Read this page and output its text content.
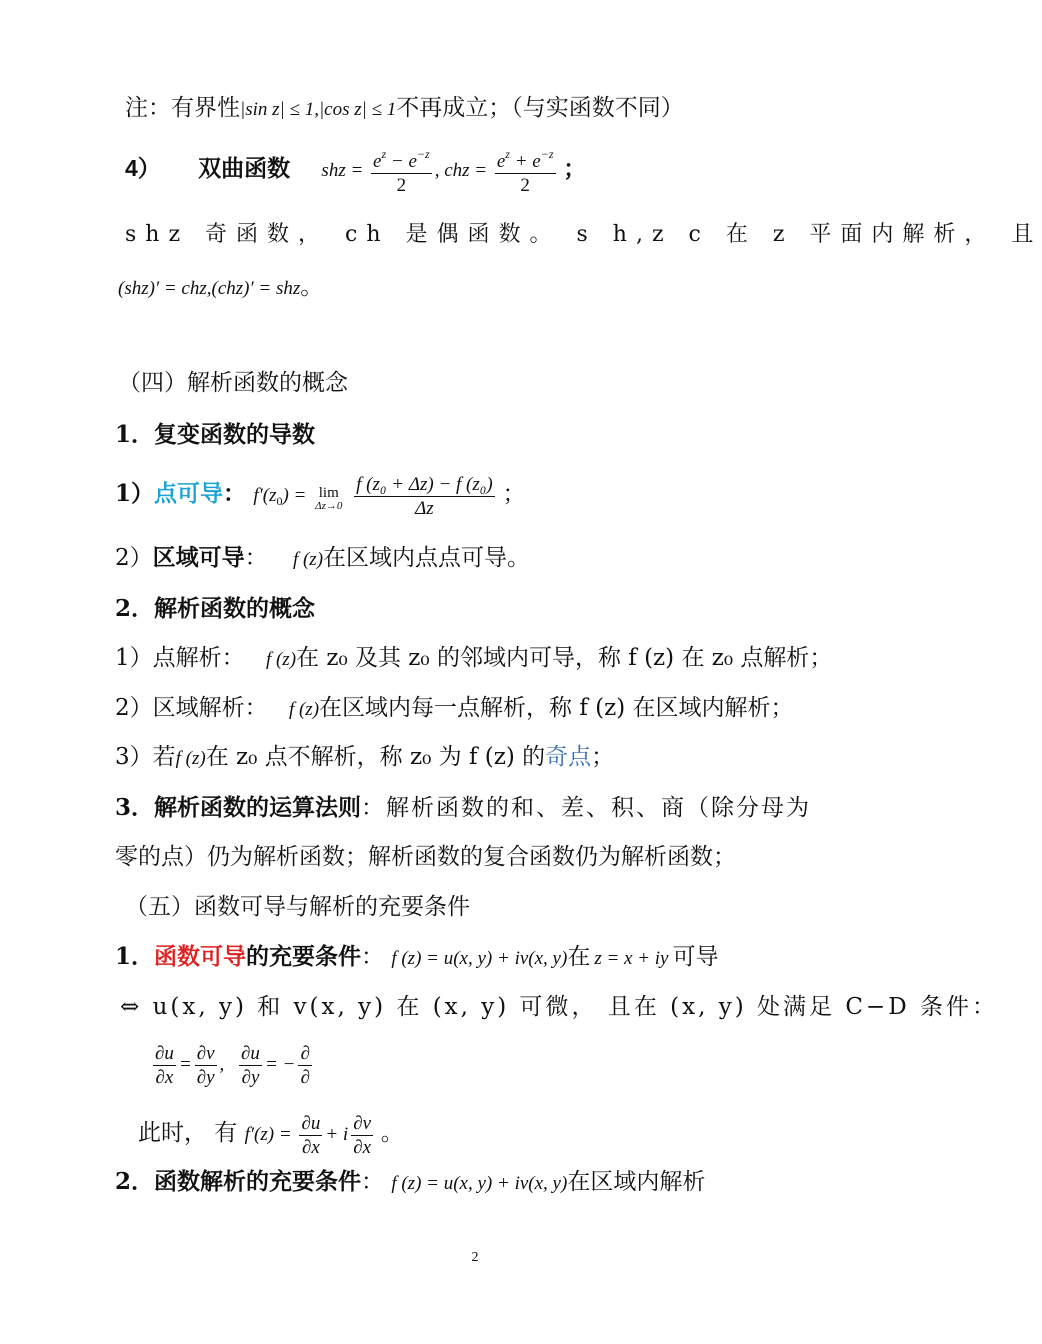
注：有界性|sin z| ≤ 1,|cos z| ≤ 1不再成立；（与实函数不同）
4） 双曲函数 shz = $\frac{e^z - e^{-z}}{2}$ , chz = $\frac{e^z + e^{-z}}{2}$ ；
shz 奇函数， ch 是偶函数。 s h,z c 在 z 平面内解析， 且
(shz)′ = chz,(chz)′ = shz。
（四）解析函数的概念
1．复变函数的导数
1）点可导： $f'(z_0) = \lim$
Δz→0
$\frac{\text{f (z₀ + Δz) − f (z₀)}}{\Delta z}$ ；
2）区域可导： f (z)在区域内点点可导。
2．解析函数的概念
1）点解析： f (z)在 z₀ 及其 z₀ 的邻域内可导，称 f (z) 在 z₀ 点解析；
2）区域解析： f (z)在区域内每一点解析，称 f (z) 在区域内解析；
3）若f (z)在 z₀ 点不解析，称 z₀ 为 f (z) 的奇点；
3．解析函数的运算法则：解析函数的和、差、积、商（除分母为
零的点）仍为解析函数；解析函数的复合函数仍为解析函数；
（五）函数可导与解析的充要条件
1．函数可导的充要条件： f (z) = u(x, y) + iv(x, y)在 z = x + iy 可导
⇔ u(x, y) 和 v(x, y) 在 (x, y) 可微， 且在 (x, y) 处满足 C−D 条件：
$\frac{\partial u}{\partial x} = \frac{\partial v}{\partial y}$ , $\frac{\partial u}{\partial y}$ = − $\frac{\partial}{\partial}$
此时， 有 $f'(z) = \frac{\partial u}{\partial x} + i \frac{\partial v}{\partial x}$ 。
2．函数解析的充要条件： f (z) = u(x, y) + iv(x, y)在区域内解析
2
